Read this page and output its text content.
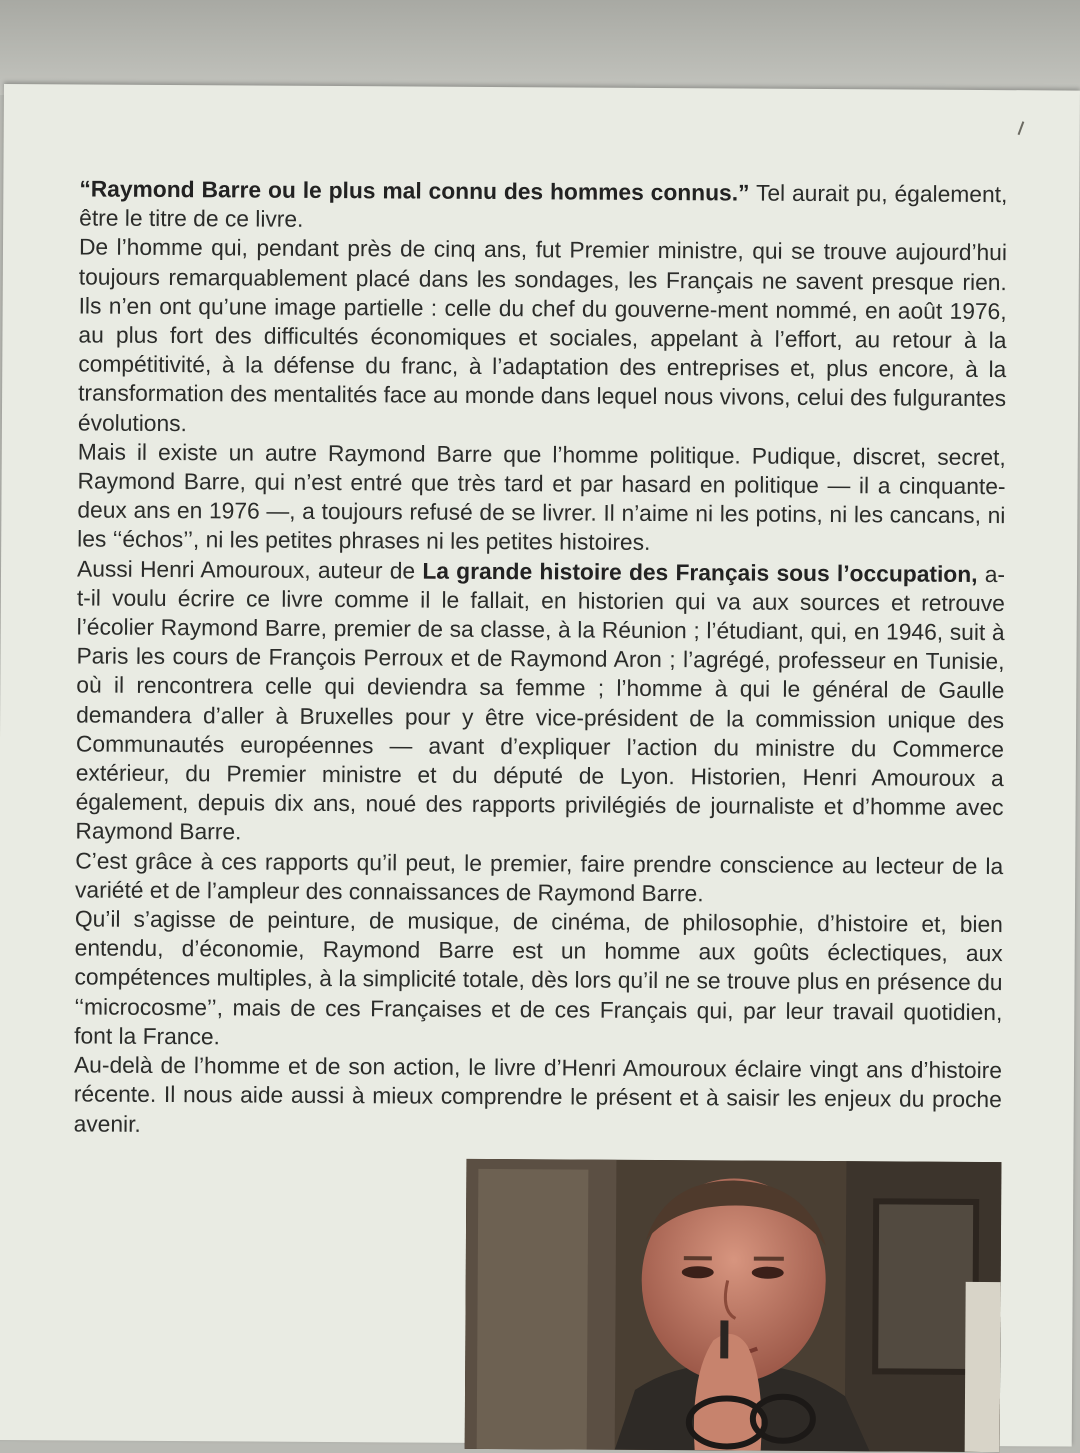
“Raymond Barre ou le plus mal connu des hommes connus.” Tel aurait pu, également, être le titre de ce livre.

De l’homme qui, pendant près de cinq ans, fut Premier ministre, qui se trouve aujourd’hui toujours remarquablement placé dans les sondages, les Français ne savent presque rien. Ils n’en ont qu’une image partielle : celle du chef du gouverne-ment nommé, en août 1976, au plus fort des difficultés économiques et sociales, appelant à l’effort, au retour à la compétitivité, à la défense du franc, à l’adaptation des entreprises et, plus encore, à la transformation des mentalités face au monde dans lequel nous vivons, celui des fulgurantes évolutions.

Mais il existe un autre Raymond Barre que l’homme politique. Pudique, discret, secret, Raymond Barre, qui n’est entré que très tard et par hasard en politique — il a cinquante-deux ans en 1976 —, a toujours refusé de se livrer. Il n’aime ni les potins, ni les cancans, ni les ‘‘échos’’, ni les petites phrases ni les petites histoires.

Aussi Henri Amouroux, auteur de La grande histoire des Français sous l’occupation, a-t-il voulu écrire ce livre comme il le fallait, en historien qui va aux sources et retrouve l’écolier Raymond Barre, premier de sa classe, à la Réunion ; l’étudiant, qui, en 1946, suit à Paris les cours de François Perroux et de Raymond Aron ; l’agrégé, professeur en Tunisie, où il rencontrera celle qui deviendra sa femme ; l’homme à qui le général de Gaulle demandera d’aller à Bruxelles pour y être vice-président de la commission unique des Communautés européennes — avant d’expliquer l’action du ministre du Commerce extérieur, du Premier ministre et du député de Lyon. Historien, Henri Amouroux a également, depuis dix ans, noué des rapports privilégiés de journaliste et d’homme avec Raymond Barre.

C’est grâce à ces rapports qu’il peut, le premier, faire prendre conscience au lecteur de la variété et de l’ampleur des connaissances de Raymond Barre.

Qu’il s’agisse de peinture, de musique, de cinéma, de philosophie, d’histoire et, bien entendu, d’économie, Raymond Barre est un homme aux goûts éclectiques, aux compétences multiples, à la simplicité totale, dès lors qu’il ne se trouve plus en présence du ‘‘microcosme’’, mais de ces Françaises et de ces Français qui, par leur travail quotidien, font la France.

Au-delà de l’homme et de son action, le livre d’Henri Amouroux éclaire vingt ans d’histoire récente. Il nous aide aussi à mieux comprendre le présent et à saisir les enjeux du proche avenir.
